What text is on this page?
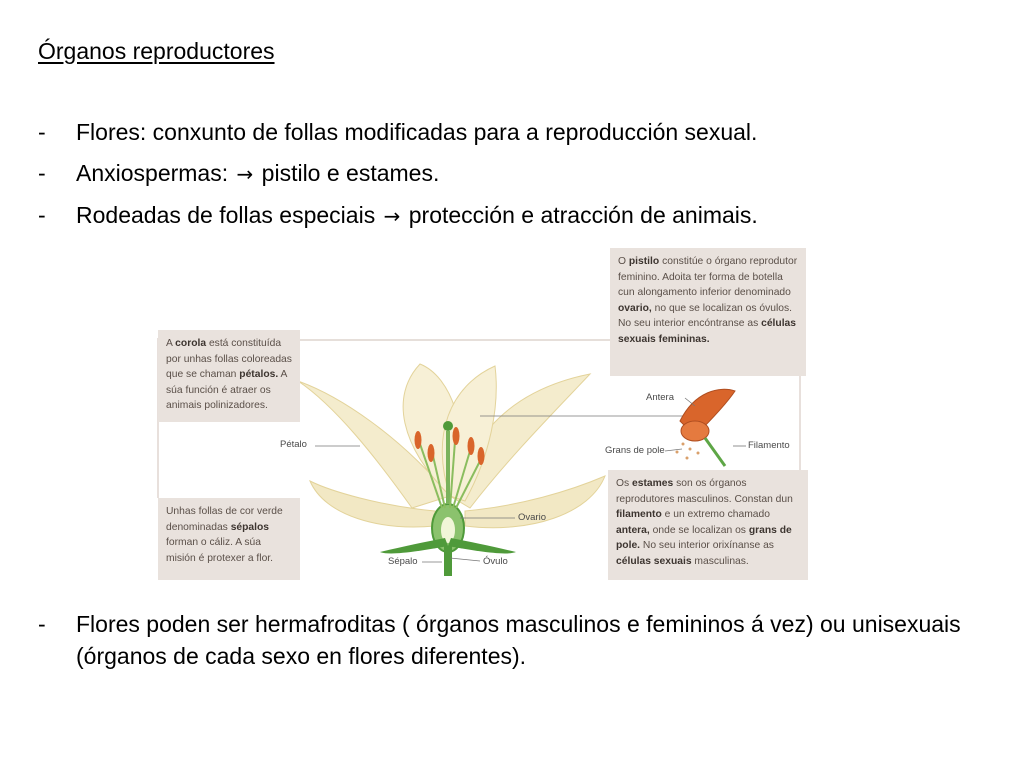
Órganos reproductores
- Flores: conxunto de follas modificadas para a reproducción sexual.
- Anxiospermas: → pistilo e estames.
- Rodeadas de follas especiais → protección e atracción de animais.
A corola está constituída por unhas follas coloreadas que se chaman pétalos. A súa función é atraer os animais polinizadores.
Unhas follas de cor verde denominadas sépalos forman o cáliz. A súa misión é protexer a flor.
O pistilo constitúe o órgano reprodutor feminino. Adoita ter forma de botella cun alongamento inferior denominado ovario, no que se localizan os óvulos. No seu interior encóntranse as células sexuais femininas.
Os estames son os órganos reprodutores masculinos. Constan dun filamento e un extremo chamado antera, onde se localizan os grans de pole. No seu interior orixínanse as células sexuais masculinas.
Pétalo
Ovario
Sépalo	Óvulo
Antera
Grans de pole	Filamento
- Flores poden ser hermafroditas ( órganos masculinos e femininos á vez) ou unisexuais (órganos de cada sexo en flores diferentes).
